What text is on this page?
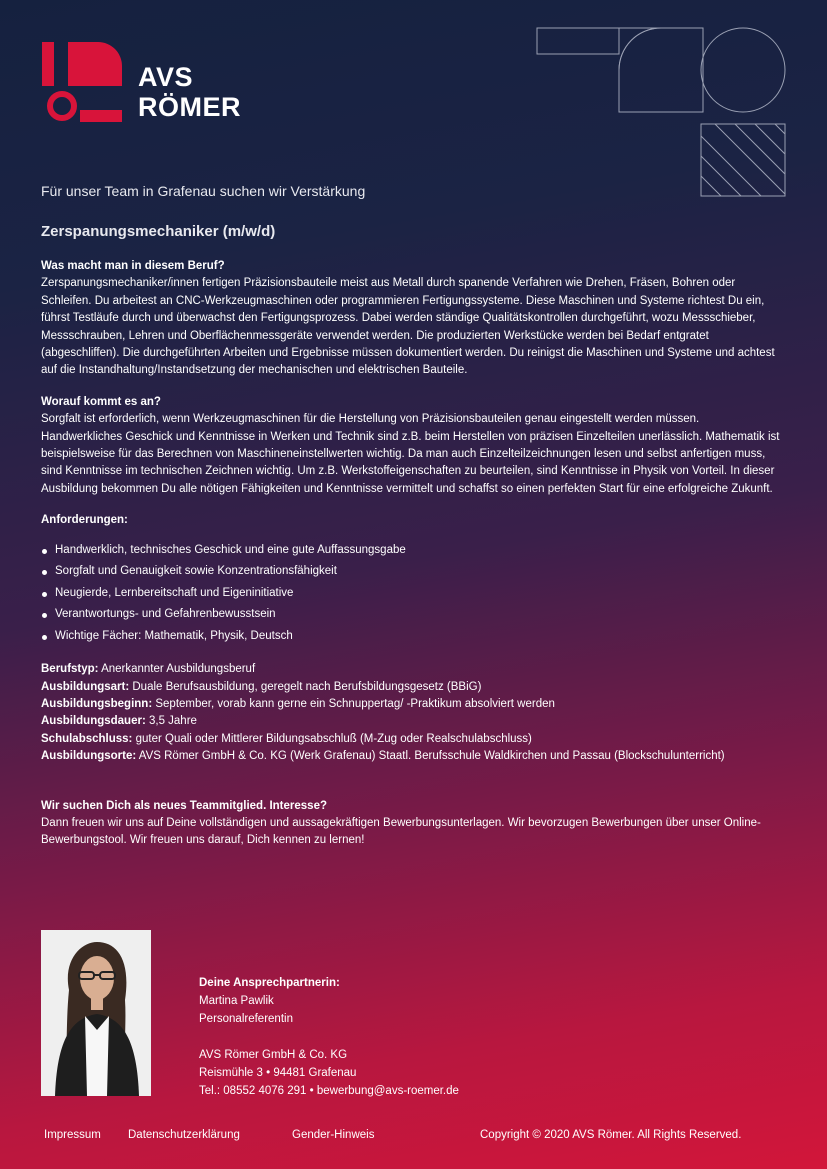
AVS
RÖMER
Für unser Team in Grafenau suchen wir Verstärkung
Zerspanungsmechaniker (m/w/d)

Was macht man in diesem Beruf?
Zerspanungsmechaniker/innen fertigen Präzisionsbauteile meist aus Metall durch spanende Verfahren wie Drehen, Fräsen, Bohren oder Schleifen. Du arbeitest an CNC-Werkzeugmaschinen oder programmieren Fertigungssysteme. Diese Maschinen und Systeme richtest Du ein, führst Testläufe durch und überwachst den Fertigungsprozess. Dabei werden ständige Qualitätskontrollen durchgeführt, wozu Messschieber, Messschrauben, Lehren und Oberflächenmessgeräte verwendet werden. Die produzierten Werkstücke werden bei Bedarf entgratet (abgeschliffen). Die durchgeführten Arbeiten und Ergebnisse müssen dokumentiert werden. Du reinigst die Maschinen und Systeme und achtest auf die Instandhaltung/Instandsetzung der mechanischen und elektrischen Bauteile.

Worauf kommt es an?
Sorgfalt ist erforderlich, wenn Werkzeugmaschinen für die Herstellung von Präzisionsbauteilen genau eingestellt werden müssen. Handwerkliches Geschick und Kenntnisse in Werken und Technik sind z.B. beim Herstellen von präzisen Einzelteilen unerlässlich. Mathematik ist beispielsweise für das Berechnen von Maschineneinstellwerten wichtig. Da man auch Einzelteilzeichnungen lesen und selbst anfertigen muss, sind Kenntnisse im technischen Zeichnen wichtig. Um z.B. Werkstoffeigenschaften zu beurteilen, sind Kenntnisse in Physik von Vorteil. In dieser Ausbildung bekommen Du alle nötigen Fähigkeiten und Kenntnisse vermittelt und schaffst so einen perfekten Start für eine erfolgreiche Zukunft.

Anforderungen:
Handwerklich, technisches Geschick und eine gute Auffassungsgabe
Sorgfalt und Genauigkeit sowie Konzentrationsfähigkeit
Neugierde, Lernbereitschaft und Eigeninitiative
Verantwortungs- und Gefahrenbewusstsein
Wichtige Fächer: Mathematik, Physik, Deutsch

Berufstyp: Anerkannter Ausbildungsberuf

Ausbildungsart: Duale Berufsausbildung, geregelt nach Berufsbildungsgesetz (BBiG)

Ausbildungsbeginn: September, vorab kann gerne ein Schnuppertag/ -Praktikum absolviert werden

Ausbildungsdauer: 3,5 Jahre

Schulabschluss: guter Quali oder Mittlerer Bildungsabschluß (M-Zug oder Realschulabschluss)

Ausbildungsorte: AVS Römer GmbH & Co. KG (Werk Grafenau) Staatl. Berufsschule Waldkirchen und Passau (Blockschulunterricht)

Wir suchen Dich als neues Teammitglied. Interesse?
Dann freuen wir uns auf Deine vollständigen und aussagekräftigen Bewerbungsunterlagen. Wir bevorzugen Bewerbungen über unser Online-Bewerbungstool. Wir freuen uns darauf, Dich kennen zu lernen!

Deine Ansprechpartnerin:
Martina Pawlik
Personalreferentin
AVS Römer GmbH & Co. KG
Reismühle 3 • 94481 Grafenau
Tel.: 08552 4076 291 • bewerbung@avs-roemer.de
Impressum Datenschutzerklärung	Gender-Hinweis	Copyright © 2020 AVS Römer. All Rights Reserved.
